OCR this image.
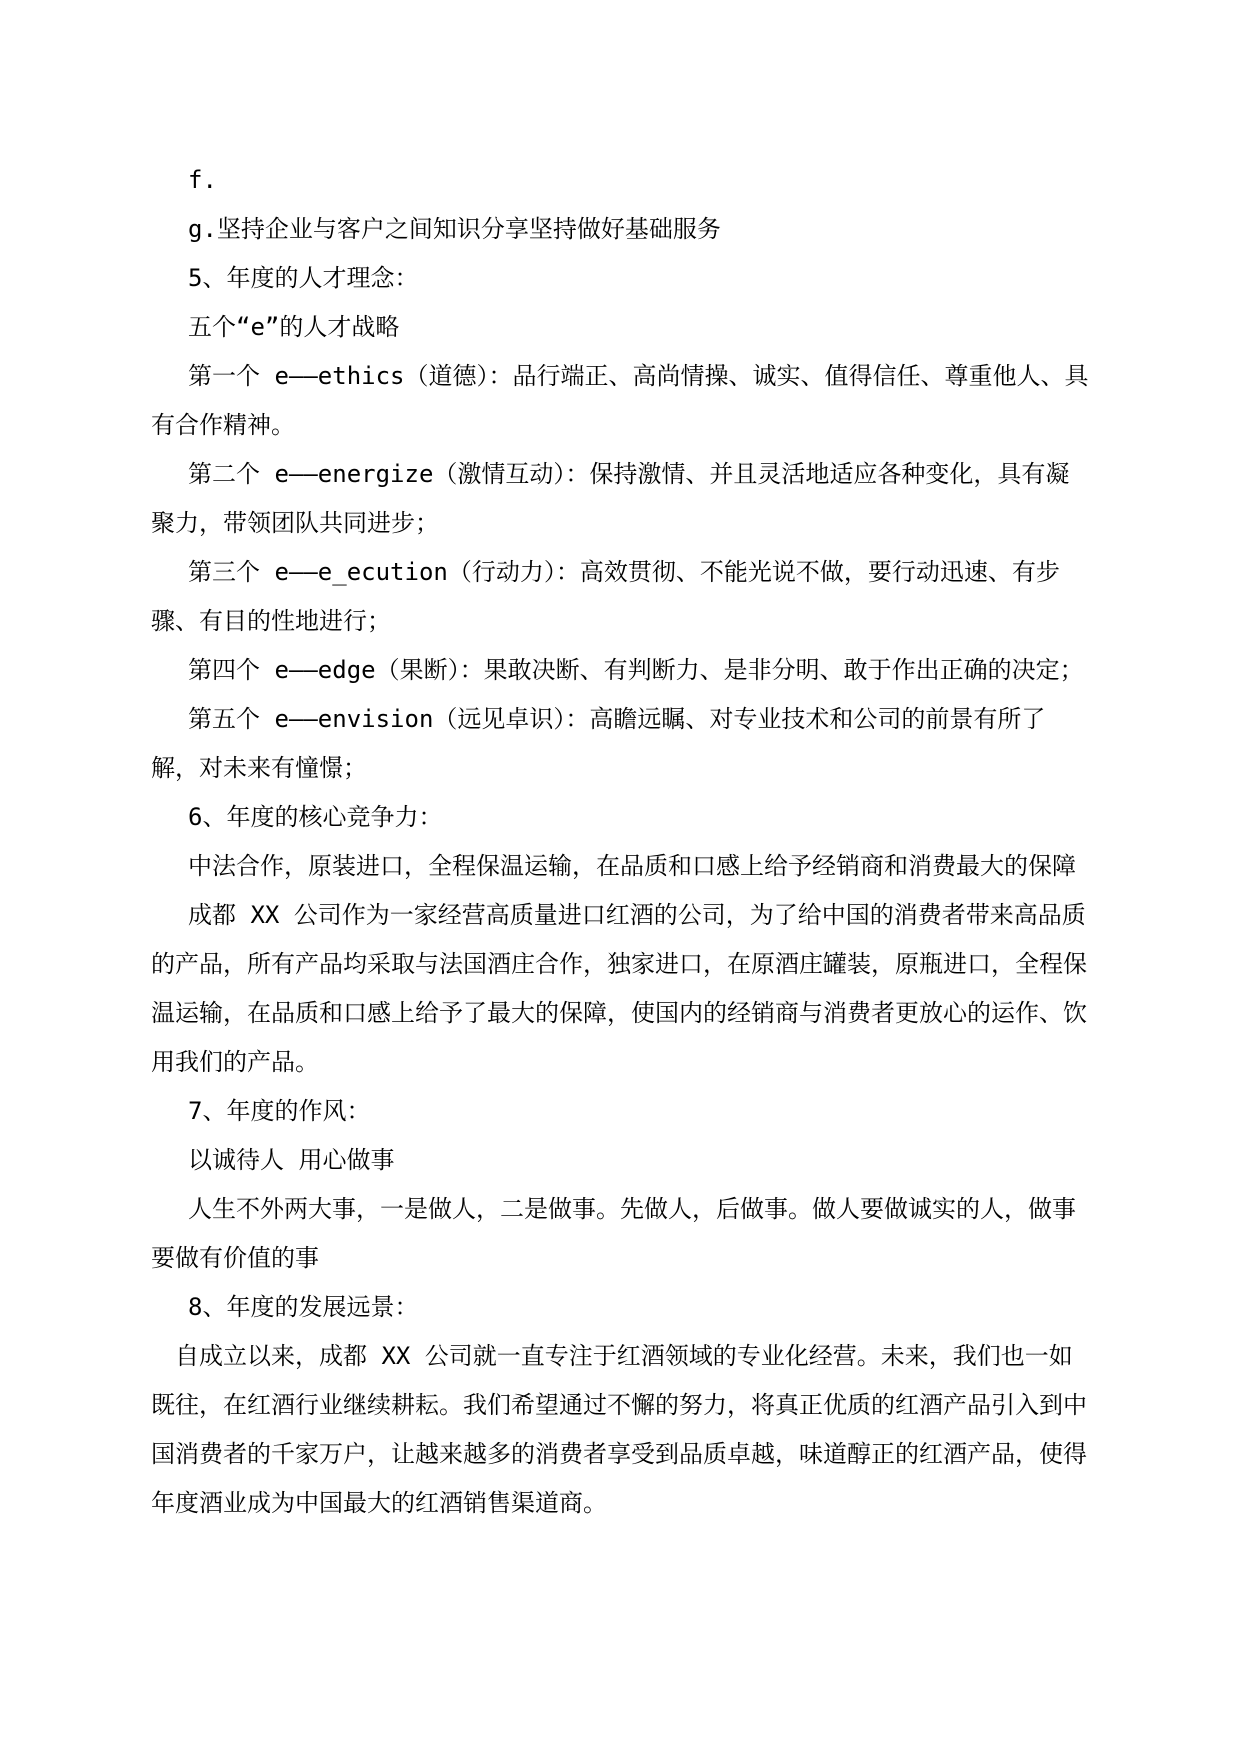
f.

g.坚持企业与客户之间知识分享坚持做好基础服务

5、年度的人才理念：

五个“e”的人才战略

第一个 e——ethics（道德）：品行端正、高尚情操、诚实、值得信任、尊重他人、具有合作精神。

第二个 e——energize（激情互动）：保持激情、并且灵活地适应各种变化，具有凝聚力，带领团队共同进步；

第三个 e——e_ecution（行动力）：高效贯彻、不能光说不做，要行动迅速、有步骤、有目的性地进行；

第四个 e——edge（果断）：果敢决断、有判断力、是非分明、敢于作出正确的决定；

第五个 e——envision（远见卓识）：高瞻远瞩、对专业技术和公司的前景有所了解，对未来有憧憬；

6、年度的核心竞争力：

中法合作，原装进口，全程保温运输，在品质和口感上给予经销商和消费最大的保障

成都 XX 公司作为一家经营高质量进口红酒的公司，为了给中国的消费者带来高品质的产品，所有产品均采取与法国酒庄合作，独家进口，在原酒庄罐装，原瓶进口，全程保温运输，在品质和口感上给予了最大的保障，使国内的经销商与消费者更放心的运作、饮用我们的产品。

7、年度的作风：

以诚待人 用心做事

人生不外两大事，一是做人，二是做事。先做人，后做事。做人要做诚实的人，做事要做有价值的事

8、年度的发展远景：

自成立以来，成都 XX 公司就一直专注于红酒领域的专业化经营。未来，我们也一如既往，在红酒行业继续耕耘。我们希望通过不懈的努力，将真正优质的红酒产品引入到中国消费者的千家万户，让越来越多的消费者享受到品质卓越，味道醇正的红酒产品，使得年度酒业成为中国最大的红酒销售渠道商。
